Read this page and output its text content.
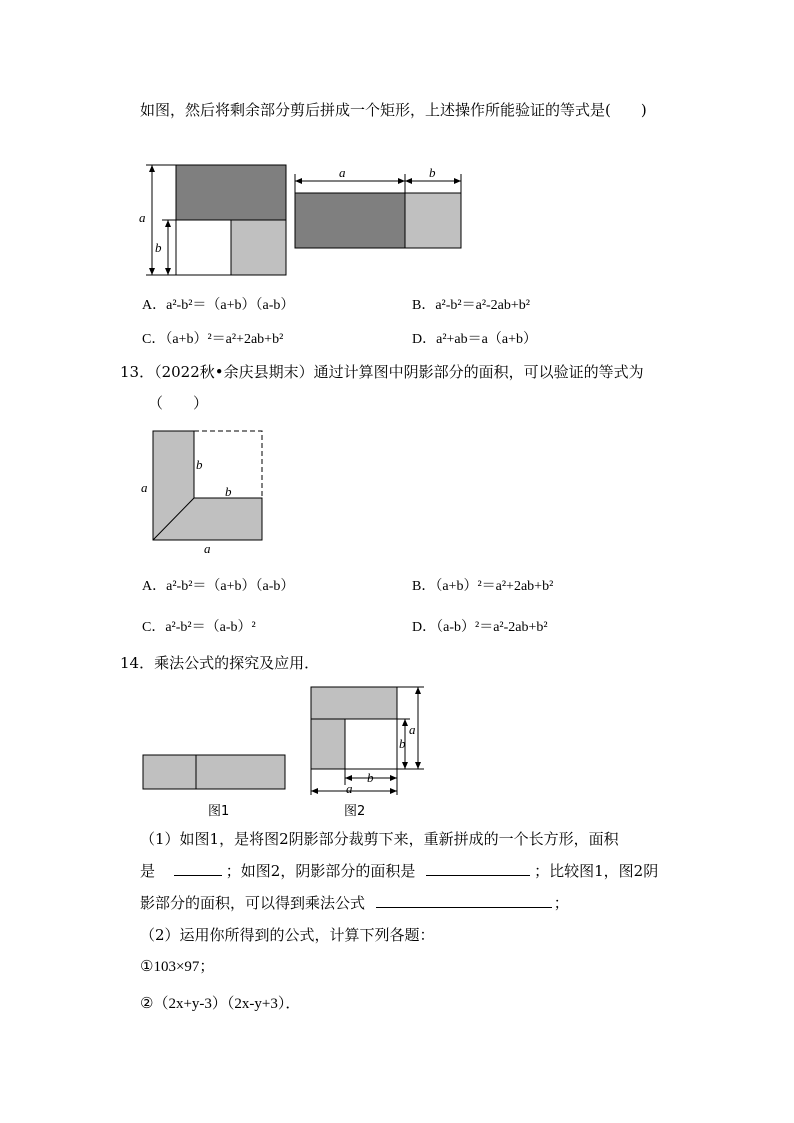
如图，然后将剩余部分剪后拼成一个矩形，上述操作所能验证的等式是(　　)
a
b
a	b
A．a²-b²＝（a+b）（a-b）	B．a²-b²＝a²-2ab+b²
C．（a+b）²＝a²+2ab+b²	D．a²+ab＝a（a+b）
13．（2022秋•余庆县期末）通过计算图中阴影部分的面积，可以验证的等式为
（　　）
a
b
b
a
A．a²-b²＝（a+b）（a-b）	B．（a+b）²＝a²+2ab+b²
C．a²-b²＝（a-b）²	D．（a-b）²＝a²-2ab+b²
14．乘法公式的探究及应用．
图1
a
b
b
a
图2
（1）如图1，是将图2阴影部分裁剪下来，重新拼成的一个长方形，面积
是	；如图2，阴影部分的面积是	；比较图1，图2阴
影部分的面积，可以得到乘法公式	；
（2）运用你所得到的公式，计算下列各题：
①103×97；
②（2x+y-3）（2x-y+3）．
